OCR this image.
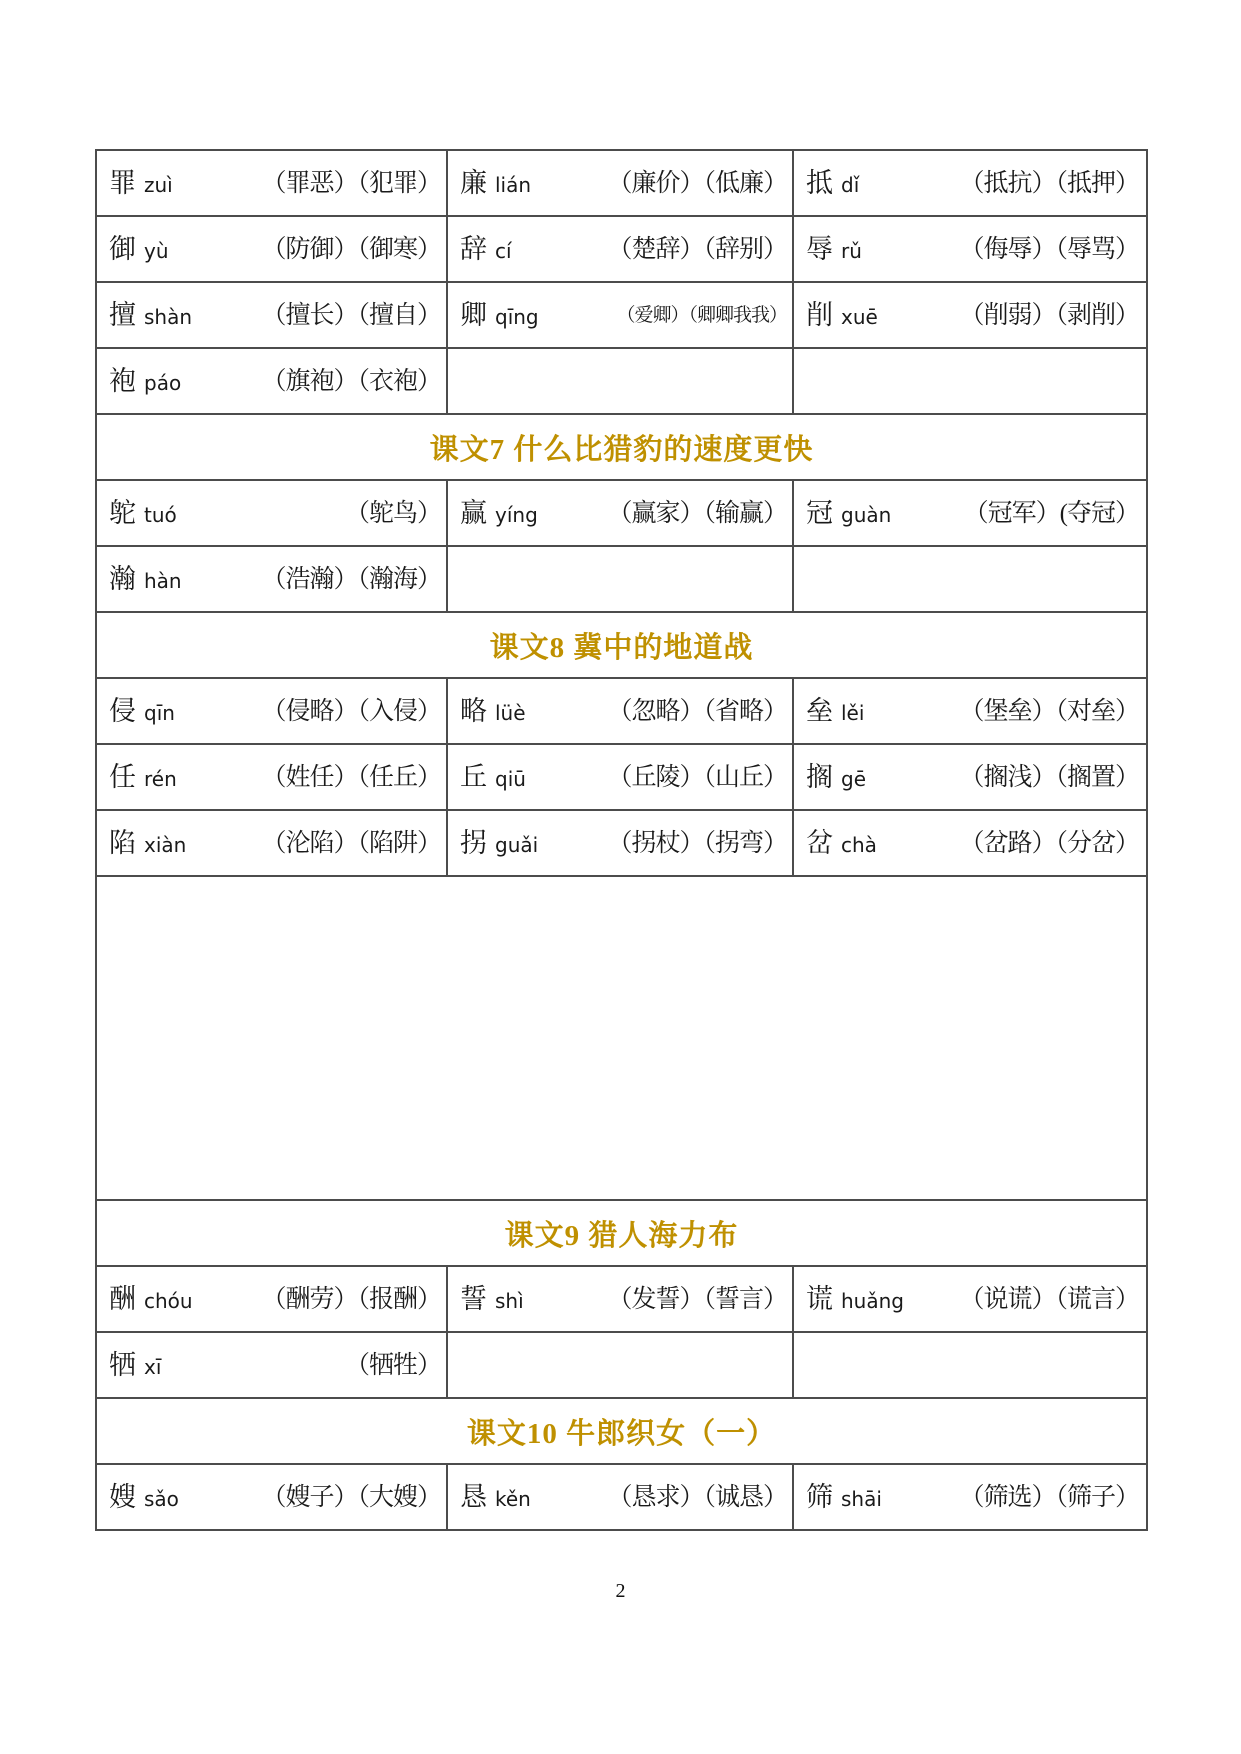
罪 zuì	（罪恶）（犯罪） 廉 lián	（廉价）（低廉） 抵 dǐ	（抵抗）（抵押）
御 yù	（防御）（御寒） 辞 cí	（楚辞）（辞别） 辱 rǔ	（侮辱）（辱骂）
擅 shàn	（擅长）（擅自） 卿 qīng	（爱卿）（卿卿我我） 削 xuē	（削弱）（剥削）
袍 páo	（旗袍）（衣袍）
课文7 什么比猎豹的速度更快
鸵 tuó	（鸵鸟） 赢 yíng	（赢家）（输赢） 冠 guàn	（冠军）(夺冠）
瀚 hàn	（浩瀚）（瀚海）
课文8 冀中的地道战
侵 qīn	（侵略）（入侵） 略 lüè	（忽略）（省略） 垒 lěi	（堡垒）（对垒）
任 rén	（姓任）（任丘） 丘 qiū	（丘陵）（山丘） 搁 gē	（搁浅）（搁置）
陷 xiàn	（沦陷）（陷阱） 拐 guǎi	（拐杖）（拐弯） 岔 chà	（岔路）（分岔）
课文9 猎人海力布
酬 chóu	（酬劳）（报酬） 誓 shì	（发誓）（誓言） 谎 huǎng （说谎）（谎言）
牺 xī	（牺牲）
课文10 牛郎织女（一）
嫂 sǎo	（嫂子）（大嫂） 恳 kěn	（恳求）（诚恳） 筛 shāi	（筛选）（筛子）
2
